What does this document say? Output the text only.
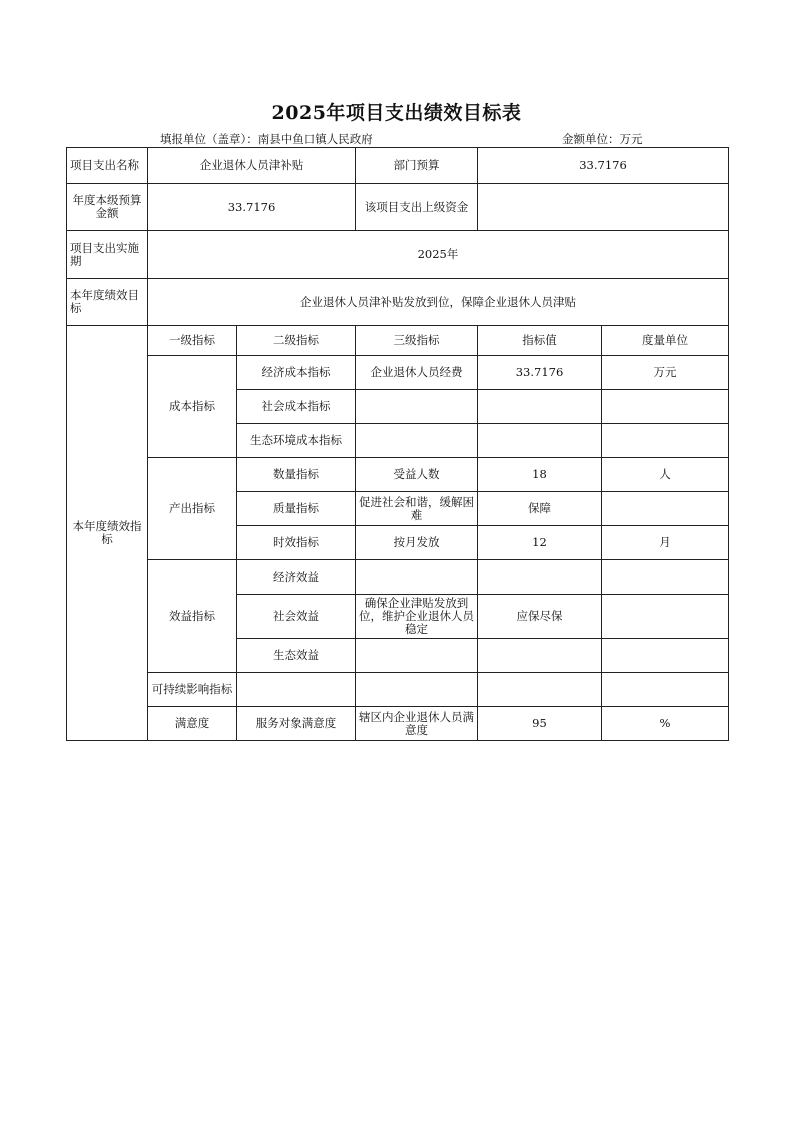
2025年项目支出绩效目标表
填报单位（盖章）：南县中鱼口镇人民政府	金额单位：万元
项目支出名称	企业退休人员津补贴		部门预算	33.7176	
年度本级预算金额	33.7176		该项目支出上级资金		
项目支出实施期	2025年				
本年度绩效目标	企业退休人员津补贴发放到位，保障企业退休人员津贴				
本年度绩效指标	一级指标	二级指标	三级指标	指标值	度量单位
	成本指标	经济成本指标	企业退休人员经费	33.7176	万元
		社会成本指标			
		生态环境成本指标			
	产出指标	数量指标	受益人数	18	人
		质量指标	促进社会和谐，缓解困难	保障	
		时效指标	按月发放	12	月
	效益指标	经济效益			
		社会效益	确保企业津贴发放到位，维护企业退休人员稳定	应保尽保	
		生态效益			
	可持续影响指标				
	满意度	服务对象满意度	辖区内企业退休人员满意度	95	%
